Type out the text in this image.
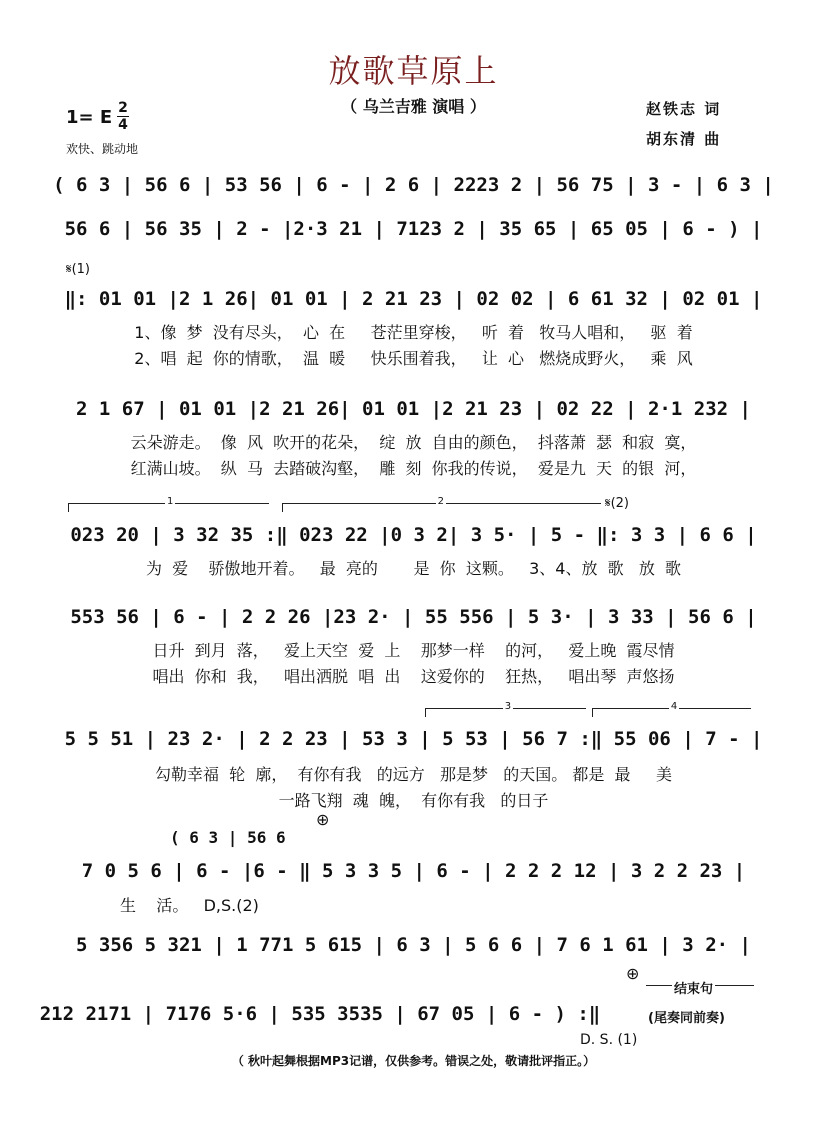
放歌草原上
（ 乌兰吉雅 演唱 ）
1= E 2
4
欢快、跳动地
赵铁志 词
胡东清 曲
( 6 3 | 56 6 | 53 56 | 6 - | 2 6 | 2223 2 | 56 75 | 3 - | 6 3 |
56 6 | 56 35 | 2 - |2·3 21 | 7123 2 | 35 65 | 65 05 | 6 - ) |
𝄋(1)
‖: 01 01 |2 1 26| 01 01 | 2 21 23 | 02 02 | 6 61 32 | 02 01 |
1、像  梦  没有尽头，  心  在     苍茫里穿梭，   听  着   牧马人唱和，   驱  着
2、唱  起  你的情歌，  温  暖     快乐围着我，   让  心   燃烧成野火，   乘  风
2 1 67 | 01 01 |2 21 26| 01 01 |2 21 23 | 02 22 | 2·1 232 |
云朵游走。  像  风  吹开的花朵，  绽  放  自由的颜色，  抖落萧  瑟  和寂  寞，
红满山坡。  纵  马  去踏破沟壑，  雕  刻  你我的传说，  爱是九  天  的银  河，
1	2	𝄋(2)
023 20 | 3 32 35 :‖ 023 22 |0 3 2| 3 5· | 5 - ‖: 3 3 | 6 6 |
为  爱    骄傲地开着。   最  亮的       是  你  这颗。   3、4、放  歌   放  歌
553 56 | 6 - | 2 2 26 |23 2· | 55 556 | 5 3· | 3 33 | 56 6 |
日升  到月  落，   爱上天空  爱  上    那梦一样    的河，   爱上晚  霞尽情
唱出  你和  我，   唱出洒脱  唱  出    这爱你的    狂热，   唱出琴  声悠扬
3	4
5 5 51 | 23 2· | 2 2 23 | 53 3 | 5 53 | 56 7 :‖ 55 06 | 7 - |
勾勒幸福  轮  廓，  有你有我   的远方   那是梦   的天国。 都是  最     美
一路飞翔  魂  魄，  有你有我   的日子
( 6 3 | 56 6
⊕
7 0 5 6 | 6 - |6 - ‖ 5 3 3 5 | 6 - | 2 2 2 12 | 3 2 2 23 |
生    活。   D,S.(2)
5 356 5 321 | 1 771 5 615 | 6 3 | 5 6 6 | 7 6 1 61 | 3 2· |
⊕
结束句
212 2171 | 7176 5·6 | 535 3535 | 67 05 | 6 - ) :‖	(尾奏同前奏)
D. S. (1)
（ 秋叶起舞根据MP3记谱，仅供参考。错误之处，敬请批评指正。）
